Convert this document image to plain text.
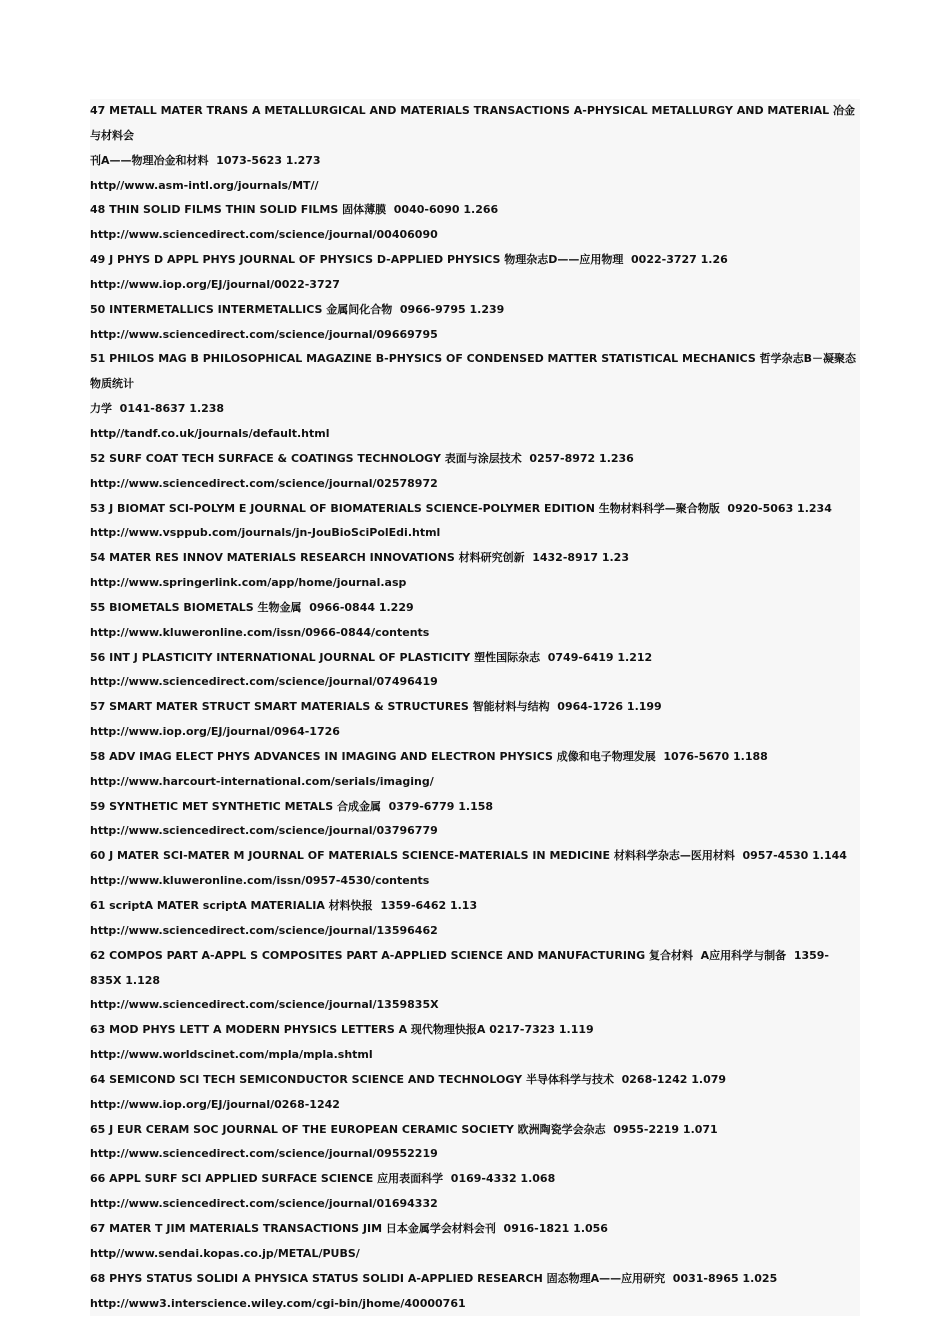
47 METALL MATER TRANS A METALLURGICAL AND MATERIALS TRANSACTIONS A-PHYSICAL METALLURGY AND MATERIAL 冶金与材料会

刊A——物理冶金和材料  1073-5623 1.273

http//www.asm-intl.org/journals/MT//

48 THIN SOLID FILMS THIN SOLID FILMS 固体薄膜  0040-6090 1.266

http://www.sciencedirect.com/science/journal/00406090

49 J PHYS D APPL PHYS JOURNAL OF PHYSICS D-APPLIED PHYSICS 物理杂志D——应用物理  0022-3727 1.26

http://www.iop.org/EJ/journal/0022-3727

50 INTERMETALLICS INTERMETALLICS 金属间化合物  0966-9795 1.239

http://www.sciencedirect.com/science/journal/09669795

51 PHILOS MAG B PHILOSOPHICAL MAGAZINE B-PHYSICS OF CONDENSED MATTER STATISTICAL MECHANICS 哲学杂志B－凝聚态物质统计

力学  0141-8637 1.238

http//tandf.co.uk/journals/default.html

52 SURF COAT TECH SURFACE & COATINGS TECHNOLOGY 表面与涂层技术  0257-8972 1.236

http://www.sciencedirect.com/science/journal/02578972

53 J BIOMAT SCI-POLYM E JOURNAL OF BIOMATERIALS SCIENCE-POLYMER EDITION 生物材料科学—聚合物版  0920-5063 1.234

http://www.vsppub.com/journals/jn-JouBioSciPolEdi.html

54 MATER RES INNOV MATERIALS RESEARCH INNOVATIONS 材料研究创新  1432-8917 1.23

http://www.springerlink.com/app/home/journal.asp

55 BIOMETALS BIOMETALS 生物金属  0966-0844 1.229

http://www.kluweronline.com/issn/0966-0844/contents

56 INT J PLASTICITY INTERNATIONAL JOURNAL OF PLASTICITY 塑性国际杂志  0749-6419 1.212

http://www.sciencedirect.com/science/journal/07496419

57 SMART MATER STRUCT SMART MATERIALS & STRUCTURES 智能材料与结构  0964-1726 1.199

http://www.iop.org/EJ/journal/0964-1726

58 ADV IMAG ELECT PHYS ADVANCES IN IMAGING AND ELECTRON PHYSICS 成像和电子物理发展  1076-5670 1.188

http://www.harcourt-international.com/serials/imaging/

59 SYNTHETIC MET SYNTHETIC METALS 合成金属  0379-6779 1.158

http://www.sciencedirect.com/science/journal/03796779

60 J MATER SCI-MATER M JOURNAL OF MATERIALS SCIENCE-MATERIALS IN MEDICINE 材料科学杂志—医用材料  0957-4530 1.144

http://www.kluweronline.com/issn/0957-4530/contents

61 scriptA MATER scriptA MATERIALIA 材料快报  1359-6462 1.13

http://www.sciencedirect.com/science/journal/13596462

62 COMPOS PART A-APPL S COMPOSITES PART A-APPLIED SCIENCE AND MANUFACTURING 复合材料  A应用科学与制备  1359-835X 1.128

http://www.sciencedirect.com/science/journal/1359835X

63 MOD PHYS LETT A MODERN PHYSICS LETTERS A 现代物理快报A 0217-7323 1.119

http://www.worldscinet.com/mpla/mpla.shtml

64 SEMICOND SCI TECH SEMICONDUCTOR SCIENCE AND TECHNOLOGY 半导体科学与技术  0268-1242 1.079

http://www.iop.org/EJ/journal/0268-1242

65 J EUR CERAM SOC JOURNAL OF THE EUROPEAN CERAMIC SOCIETY 欧洲陶瓷学会杂志  0955-2219 1.071

http://www.sciencedirect.com/science/journal/09552219

66 APPL SURF SCI APPLIED SURFACE SCIENCE 应用表面科学  0169-4332 1.068

http://www.sciencedirect.com/science/journal/01694332

67 MATER T JIM MATERIALS TRANSACTIONS JIM 日本金属学会材料会刊  0916-1821 1.056

http//www.sendai.kopas.co.jp/METAL/PUBS/

68 PHYS STATUS SOLIDI A PHYSICA STATUS SOLIDI A-APPLIED RESEARCH 固态物理A——应用研究  0031-8965 1.025

http://www3.interscience.wiley.com/cgi-bin/jhome/40000761
